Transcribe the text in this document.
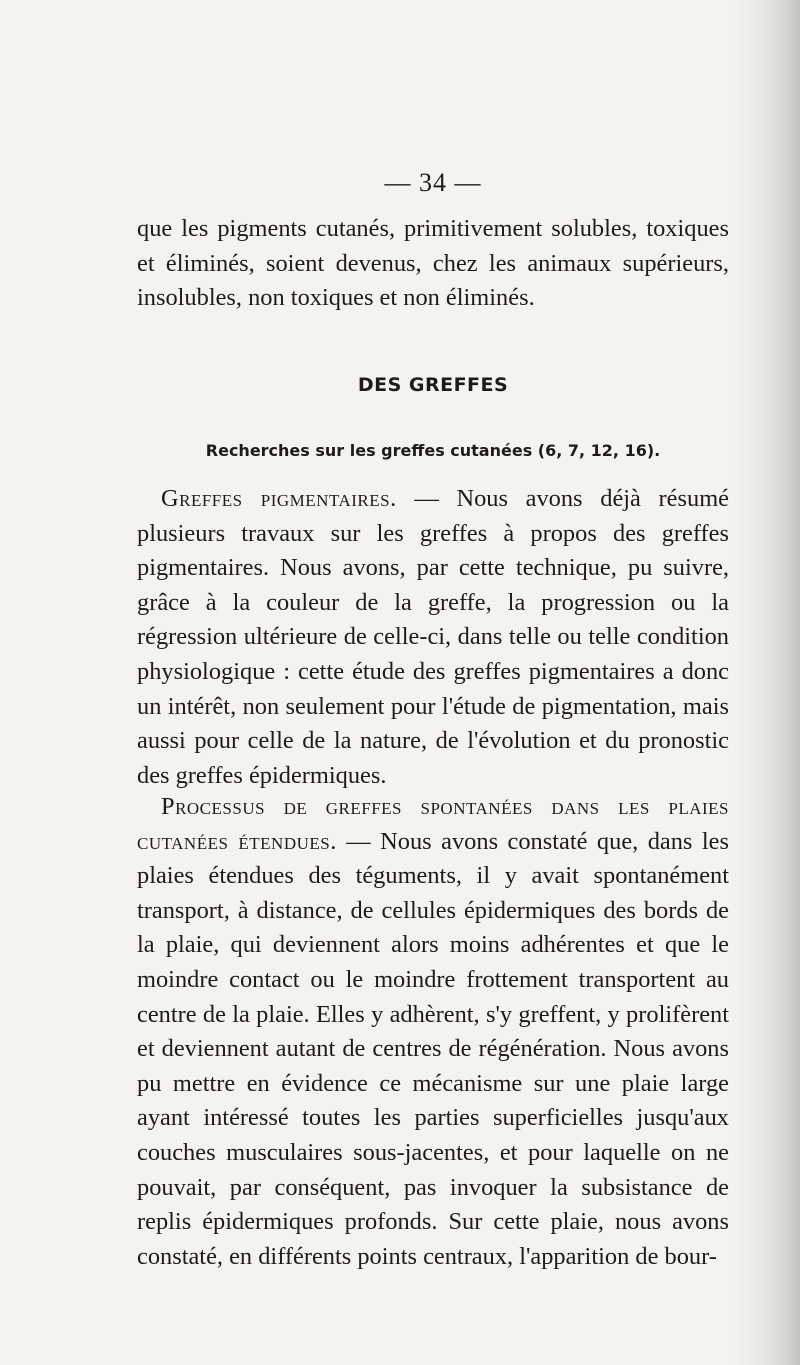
— 34 —

que les pigments cutanés, primitivement solubles, toxiques et éliminés, soient devenus, chez les animaux supérieurs, insolubles, non toxiques et non éliminés.

DES GREFFES
Recherches sur les greffes cutanées (6, 7, 12, 16).

Greffes pigmentaires. — Nous avons déjà résumé plusieurs travaux sur les greffes à propos des greffes pigmentaires. Nous avons, par cette technique, pu suivre, grâce à la couleur de la greffe, la progression ou la régression ultérieure de celle-ci, dans telle ou telle condition physiologique : cette étude des greffes pigmentaires a donc un intérêt, non seulement pour l'étude de pigmentation, mais aussi pour celle de la nature, de l'évolution et du pronostic des greffes épidermiques.

Processus de greffes spontanées dans les plaies cutanées étendues. — Nous avons constaté que, dans les plaies étendues des téguments, il y avait spontanément transport, à distance, de cellules épidermiques des bords de la plaie, qui deviennent alors moins adhérentes et que le moindre contact ou le moindre frottement transportent au centre de la plaie. Elles y adhèrent, s'y greffent, y prolifèrent et deviennent autant de centres de régénération. Nous avons pu mettre en évidence ce mécanisme sur une plaie large ayant intéressé toutes les parties superficielles jusqu'aux couches musculaires sous-jacentes, et pour laquelle on ne pouvait, par conséquent, pas invoquer la subsistance de replis épidermiques profonds. Sur cette plaie, nous avons constaté, en différents points centraux, l'apparition de bour-
